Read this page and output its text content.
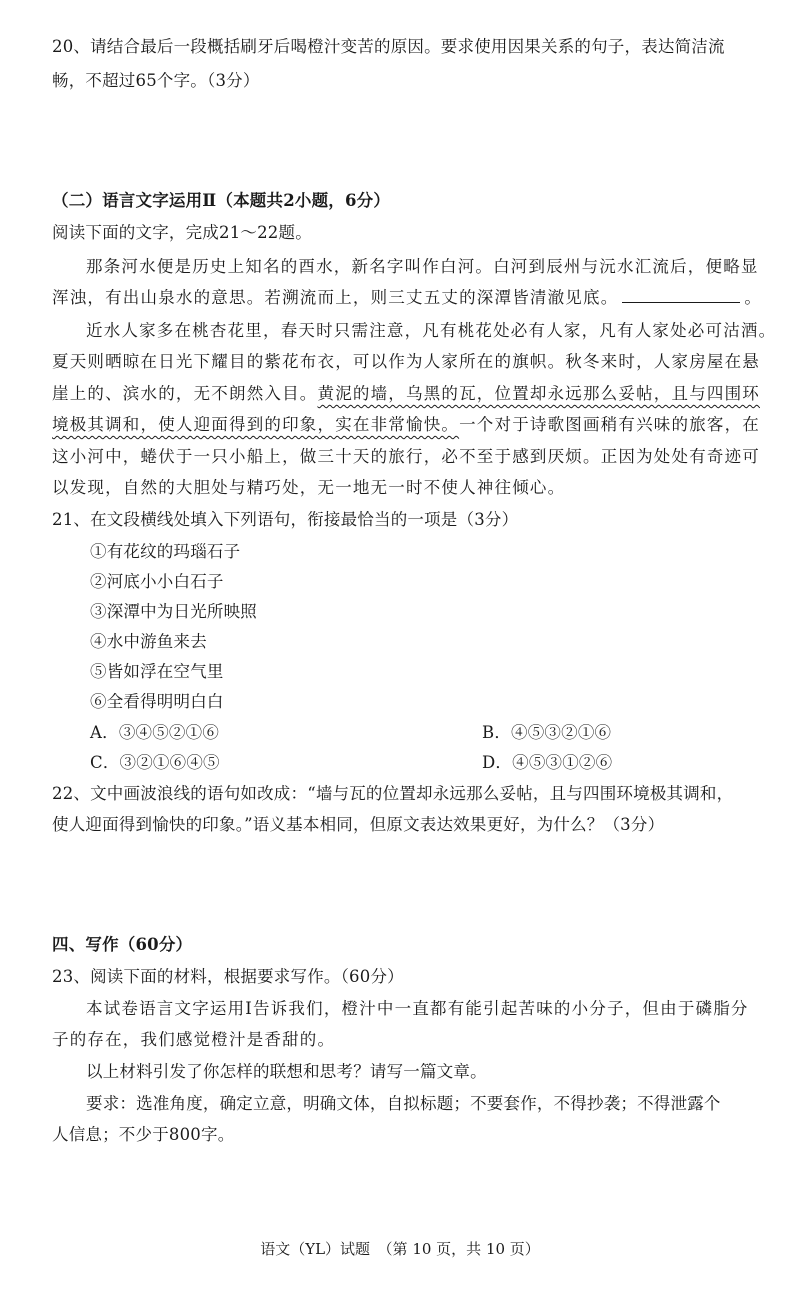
20、请结合最后一段概括刷牙后喝橙汁变苦的原因。要求使用因果关系的句子，表达简洁流
畅，不超过65个字。（3分）
（二）语言文字运用Ⅱ（本题共2小题，6分）
阅读下面的文字，完成21～22题。
那条河水便是历史上知名的酉水，新名字叫作白河。白河到辰州与沅水汇流后，便略显
浑浊，有出山泉水的意思。若溯流而上，则三丈五丈的深潭皆清澈见底。	。
近水人家多在桃杏花里，春天时只需注意，凡有桃花处必有人家，凡有人家处必可沽酒。
夏天则晒晾在日光下耀目的紫花布衣，可以作为人家所在的旗帜。秋冬来时，人家房屋在悬
崖上的、滨水的，无不朗然入目。黄泥的墙，乌黑的瓦，位置却永远那么妥帖，且与四围环
境极其调和，使人迎面得到的印象，实在非常愉快。一个对于诗歌图画稍有兴味的旅客，在
这小河中，蜷伏于一只小船上，做三十天的旅行，必不至于感到厌烦。正因为处处有奇迹可
以发现，自然的大胆处与精巧处，无一地无一时不使人神往倾心。
21、在文段横线处填入下列语句，衔接最恰当的一项是（3分）
①有花纹的玛瑙石子
②河底小小白石子
③深潭中为日光所映照
④水中游鱼来去
⑤皆如浮在空气里
⑥全看得明明白白
A．③④⑤②①⑥	B．④⑤③②①⑥
C．③②①⑥④⑤	D．④⑤③①②⑥
22、文中画波浪线的语句如改成：“墙与瓦的位置却永远那么妥帖，且与四围环境极其调和，
使人迎面得到愉快的印象。”语义基本相同，但原文表达效果更好，为什么？（3分）
四、写作（60分）
23、阅读下面的材料，根据要求写作。（60分）
本试卷语言文字运用Ⅰ告诉我们，橙汁中一直都有能引起苦味的小分子，但由于磷脂分
子的存在，我们感觉橙汁是香甜的。
以上材料引发了你怎样的联想和思考？请写一篇文章。
要求：选准角度，确定立意，明确文体，自拟标题；不要套作，不得抄袭；不得泄露个
人信息；不少于800字。
语文（YL）试题　（第 10 页，共 10 页）
